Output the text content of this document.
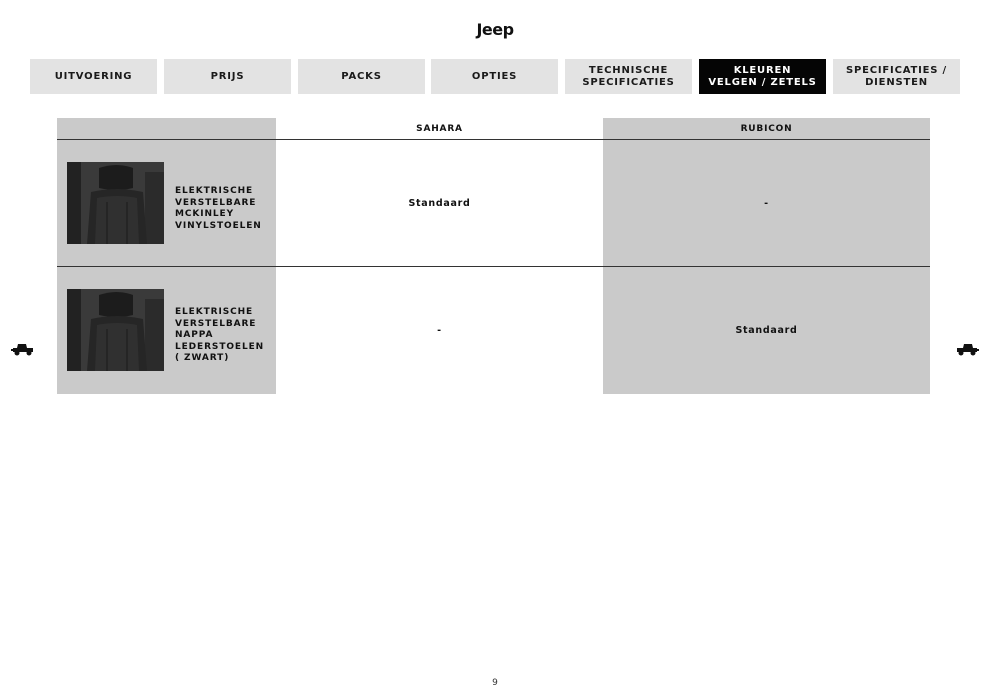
Jeep
UITVOERING	PRIJS	PACKS	OPTIES
TECHNISCHE
SPECIFICATIES
KLEUREN
VELGEN / ZETELS
SPECIFICATIES /
DIENSTEN
SAHARA	RUBICON
ELEKTRISCHE
VERSTELBARE
MCKINLEY
VINYLSTOELEN
Standaard	-
ELEKTRISCHE
VERSTELBARE
NAPPA
LEDERSTOELEN
( ZWART)
-	Standaard
9
